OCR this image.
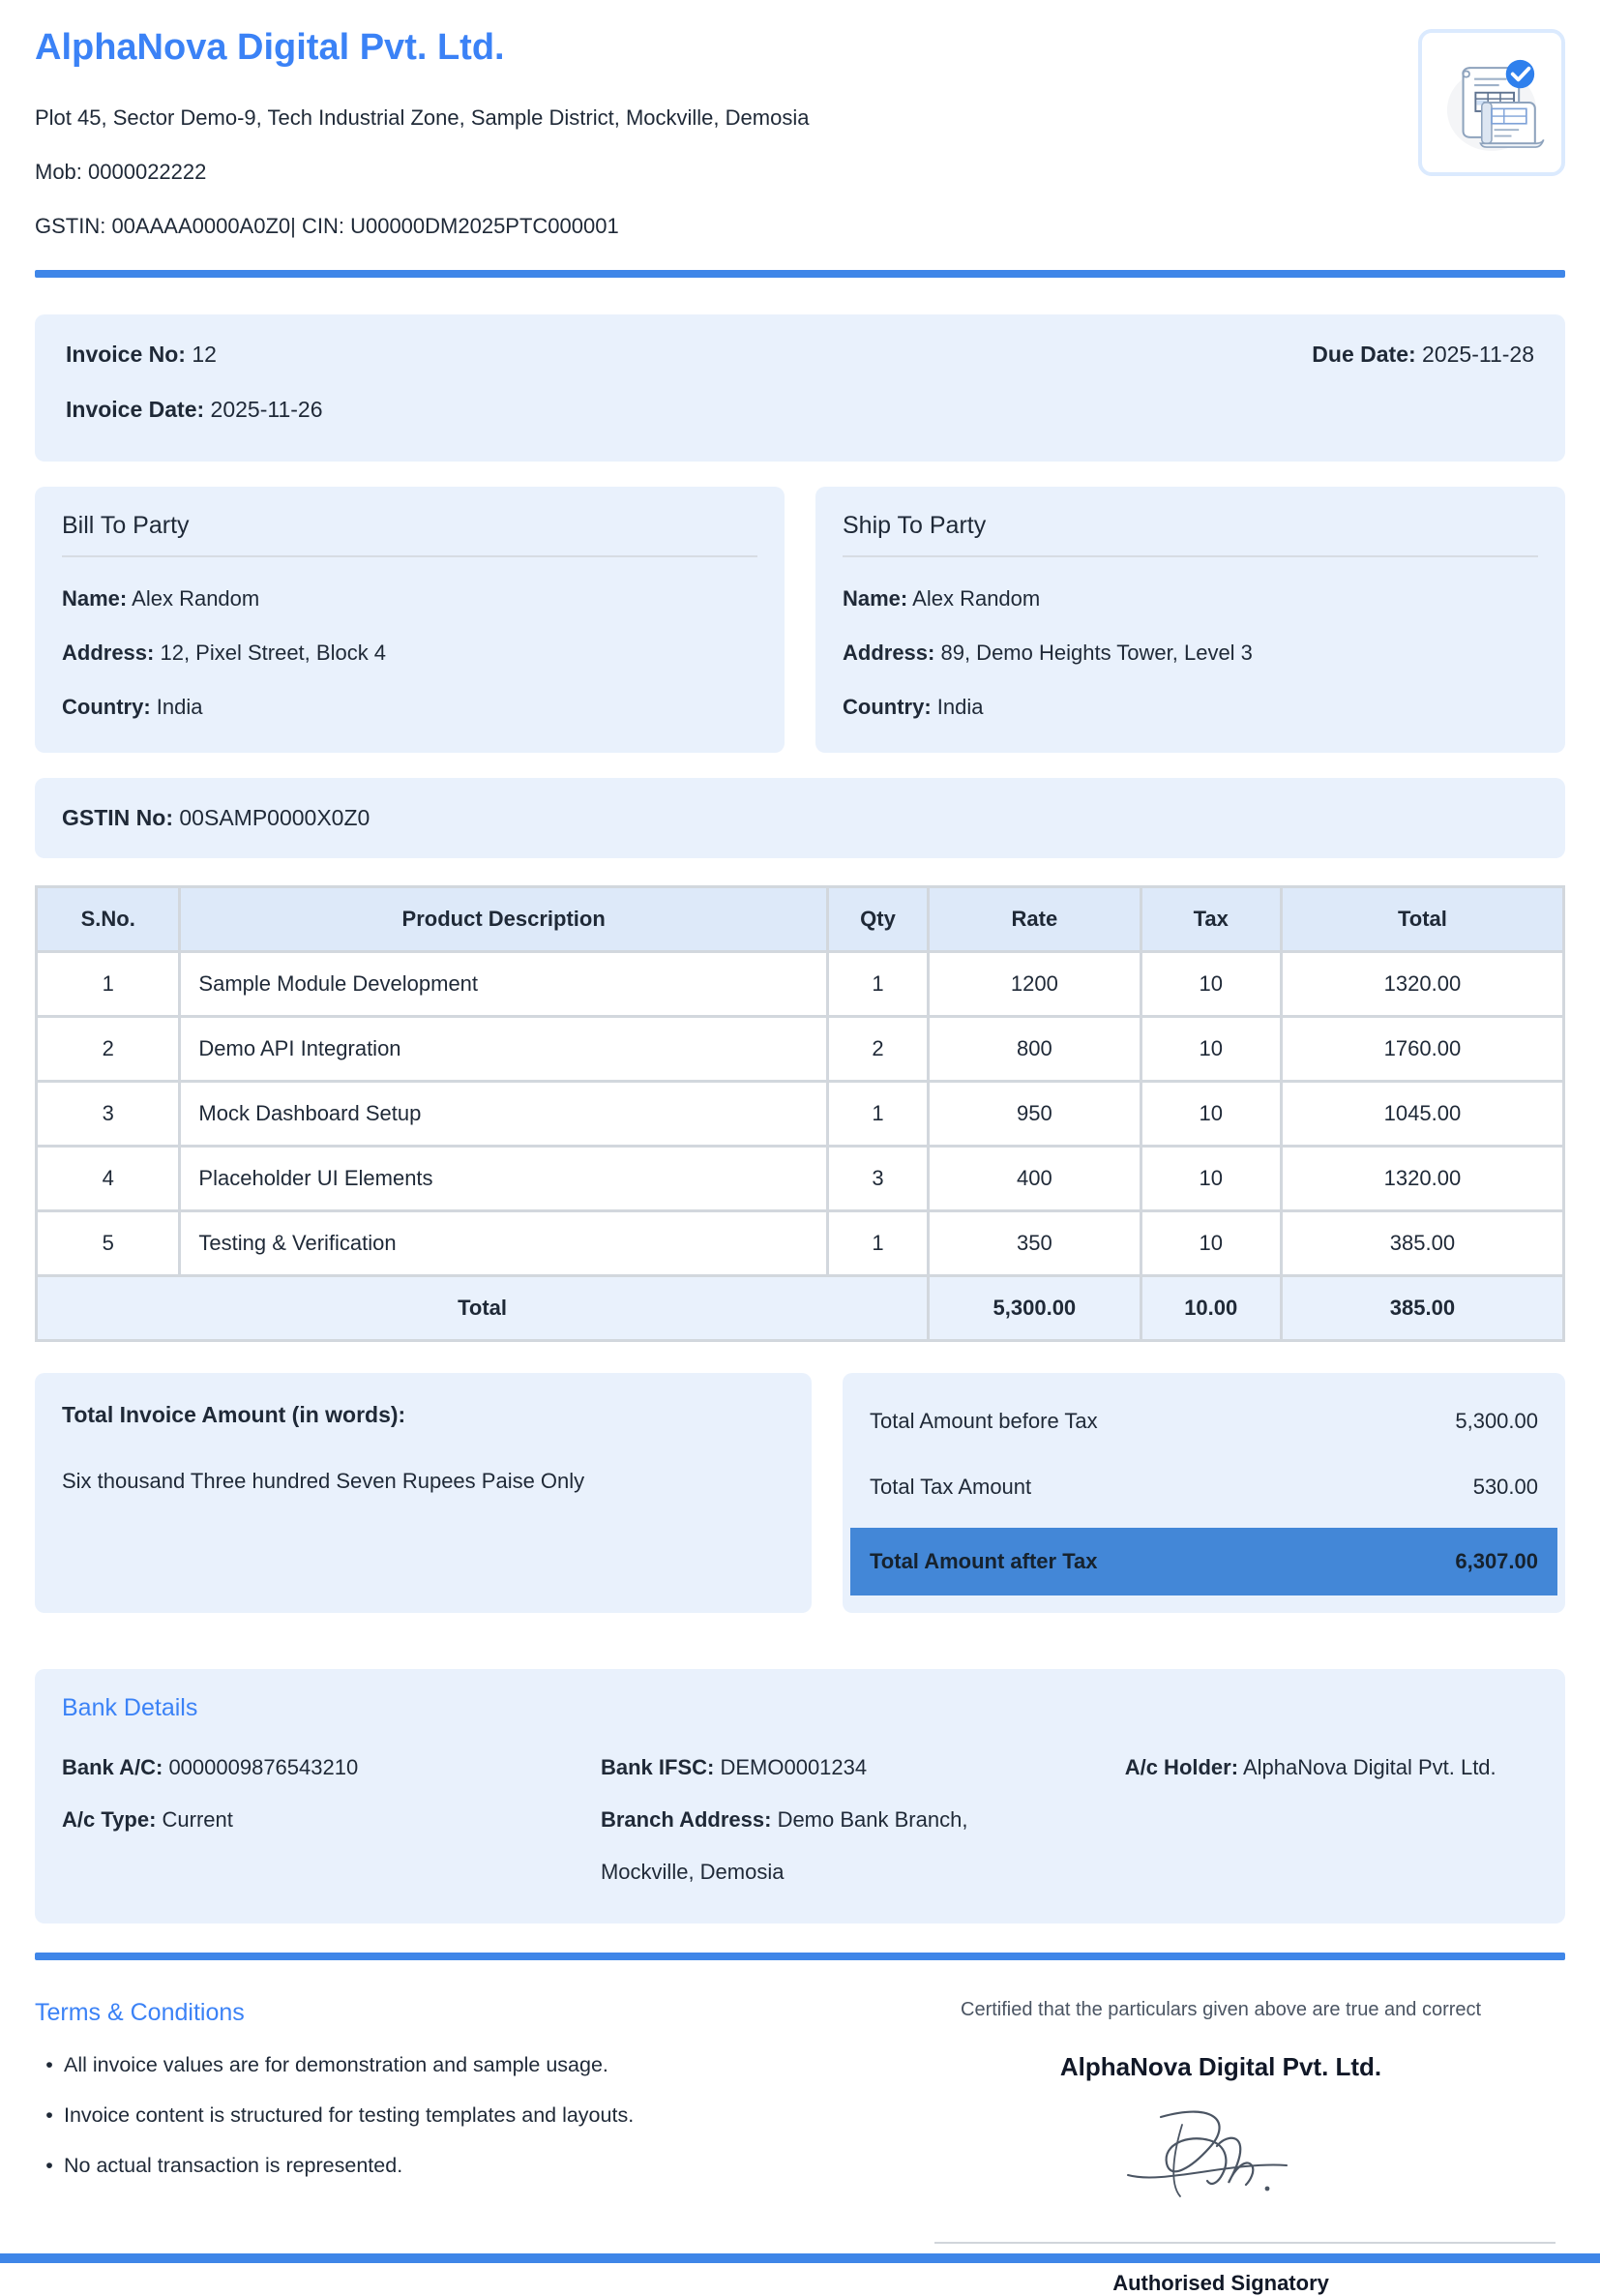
AlphaNova Digital Pvt. Ltd.
Plot 45, Sector Demo-9, Tech Industrial Zone, Sample District, Mockville, Demosia
Mob: 0000022222
GSTIN: 00AAAA0000A0Z0| CIN: U00000DM2025PTC000001
Invoice No: 12
Invoice Date: 2025-11-26
Due Date: 2025-11-28
Bill To Party
Name: Alex Random
Address: 12, Pixel Street, Block 4
Country: India
Ship To Party
Name: Alex Random
Address: 89, Demo Heights Tower, Level 3
Country: India
GSTIN No: 00SAMP0000X0Z0
S.No.	Product Description	Qty	Rate	Tax	Total
1	Sample Module Development	1	1200	10	1320.00
2	Demo API Integration	2	800	10	1760.00
3	Mock Dashboard Setup	1	950	10	1045.00
4	Placeholder UI Elements	3	400	10	1320.00
5	Testing & Verification	1	350	10	385.00
Total			5,300.00	10.00	385.00
Total Invoice Amount (in words):
Six thousand Three hundred Seven Rupees Paise Only
Total Amount before Tax	5,300.00
Total Tax Amount	530.00
Total Amount after Tax	6,307.00
Bank Details
Bank A/C: 0000009876543210
A/c Type: Current
Bank IFSC: DEMO0001234
Branch Address: Demo Bank Branch,
Mockville, Demosia
A/c Holder: AlphaNova Digital Pvt. Ltd.
Terms & Conditions
• All invoice values are for demonstration and sample usage.
• Invoice content is structured for testing templates and layouts.
• No actual transaction is represented.
Certified that the particulars given above are true and correct
AlphaNova Digital Pvt. Ltd.
Authorised Signatory
